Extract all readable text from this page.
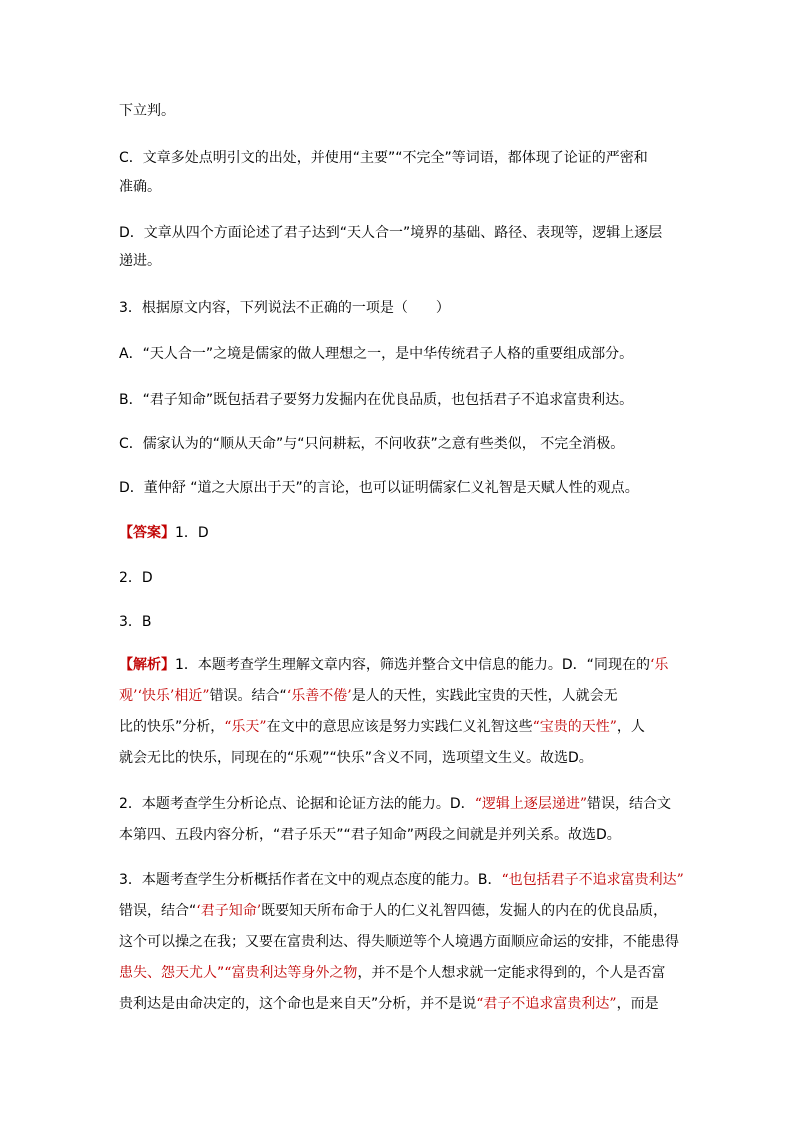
下立判。
C．文章多处点明引文的出处，并使用“主要”“不完全”等词语，都体现了论证的严密和
准确。
D．文章从四个方面论述了君子达到“天人合一”境界的基础、路径、表现等，逻辑上逐层
递进。
3．根据原文内容，下列说法不正确的一项是（　　）
A．“天人合一”之境是儒家的做人理想之一，是中华传统君子人格的重要组成部分。
B．“君子知命”既包括君子要努力发掘内在优良品质，也包括君子不追求富贵利达。
C．儒家认为的“顺从天命”与“只问耕耘，不问收获”之意有些类似， 不完全消极。
D．董仲舒 “道之大原出于天”的言论，也可以证明儒家仁义礼智是天赋人性的观点。
【答案】1．D
2．D
3．B
【解析】1．本题考查学生理解文章内容，筛选并整合文中信息的能力。D．“同现在的‘乐
观’‘快乐’相近”错误。结合“‘乐善不倦’是人的天性，实践此宝贵的天性，人就会无
比的快乐”分析，“乐天”在文中的意思应该是努力实践仁义礼智这些“宝贵的天性”，人
就会无比的快乐，同现在的“乐观”“快乐”含义不同，选项望文生义。故选D。
2．本题考查学生分析论点、论据和论证方法的能力。D．“逻辑上逐层递进”错误，结合文
本第四、五段内容分析，“君子乐天”“君子知命”两段之间就是并列关系。故选D。
3．本题考查学生分析概括作者在文中的观点态度的能力。B．“也包括君子不追求富贵利达”
错误，结合“‘君子知命’既要知天所布命于人的仁义礼智四德，发掘人的内在的优良品质，
这个可以操之在我；又要在富贵利达、得失顺逆等个人境遇方面顺应命运的安排，不能患得
患失、怨天尤人”“富贵利达等身外之物，并不是个人想求就一定能求得到的，个人是否富
贵利达是由命决定的，这个命也是来自天”分析，并不是说“君子不追求富贵利达”，而是
